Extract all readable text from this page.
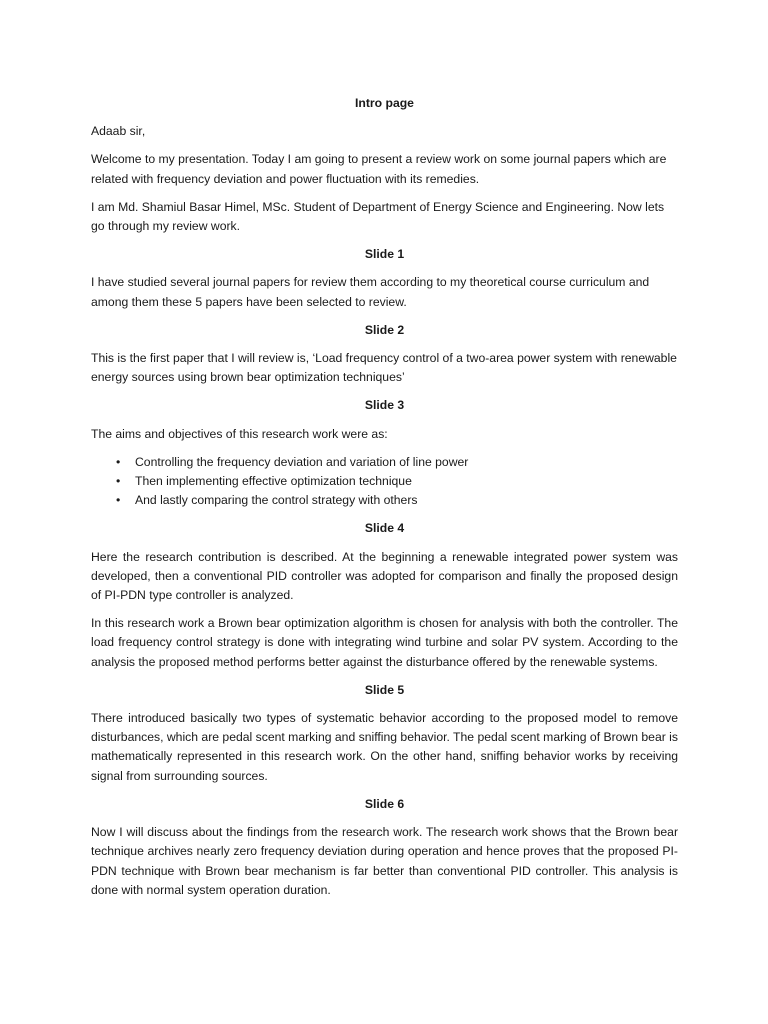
Intro page
Adaab sir,
Welcome to my presentation. Today I am going to present a review work on some journal papers which are related with frequency deviation and power fluctuation with its remedies.
I am Md. Shamiul Basar Himel, MSc. Student of Department of Energy Science and Engineering. Now lets go through my review work.
Slide 1
I have studied several journal papers for review them according to my theoretical course curriculum and among them these 5 papers have been selected to review.
Slide 2
This is the first paper that I will review is, ‘Load frequency control of a two-area power system with renewable energy sources using brown bear optimization techniques’
Slide 3
The aims and objectives of this research work were as:
• Controlling the frequency deviation and variation of line power
• Then implementing effective optimization technique
• And lastly comparing the control strategy with others
Slide 4
Here the research contribution is described. At the beginning a renewable integrated power system was developed, then a conventional PID controller was adopted for comparison and finally the proposed design of PI-PDN type controller is analyzed.
In this research work a Brown bear optimization algorithm is chosen for analysis with both the controller. The load frequency control strategy is done with integrating wind turbine and solar PV system. According to the analysis the proposed method performs better against the disturbance offered by the renewable systems.
Slide 5
There introduced basically two types of systematic behavior according to the proposed model to remove disturbances, which are pedal scent marking and sniffing behavior. The pedal scent marking of Brown bear is mathematically represented in this research work. On the other hand, sniffing behavior works by receiving signal from surrounding sources.
Slide 6
Now I will discuss about the findings from the research work. The research work shows that the Brown bear technique archives nearly zero frequency deviation during operation and hence proves that the proposed PI-PDN technique with Brown bear mechanism is far better than conventional PID controller. This analysis is done with normal system operation duration.
